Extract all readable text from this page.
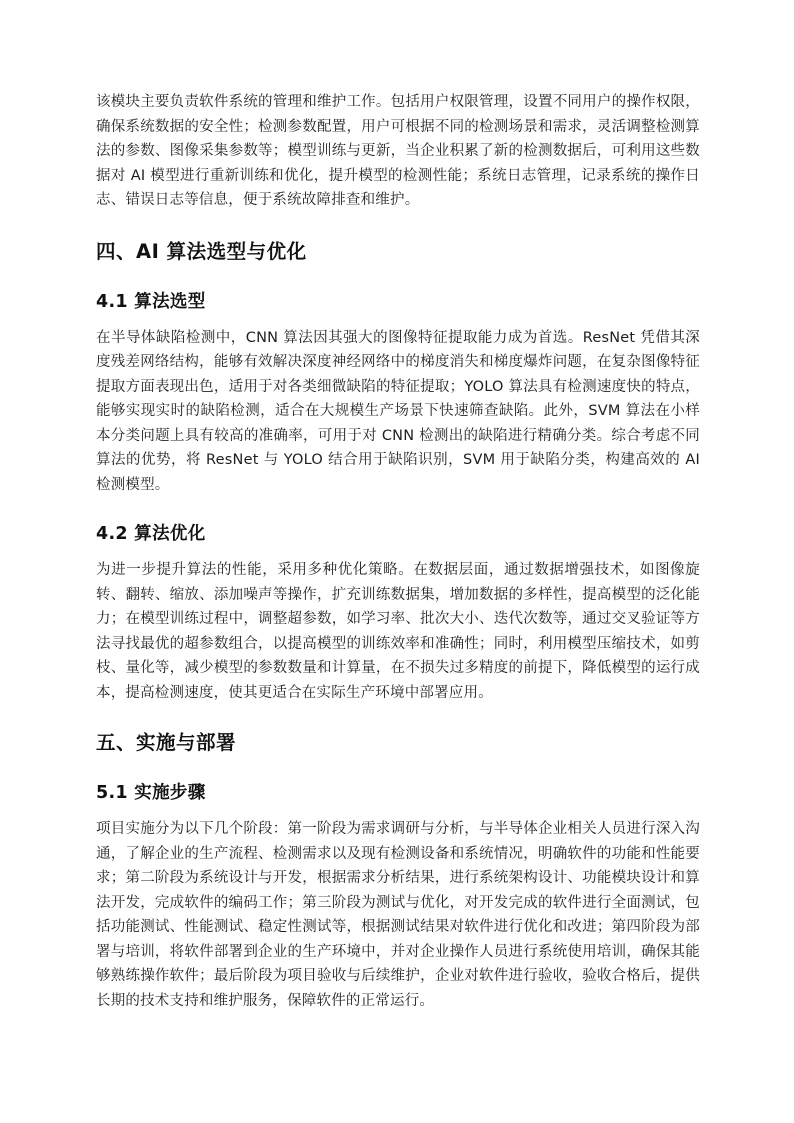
该模块主要负责软件系统的管理和维护工作。包括用户权限管理，设置不同用户的操作权限，确保系统数据的安全性；检测参数配置，用户可根据不同的检测场景和需求，灵活调整检测算法的参数、图像采集参数等；模型训练与更新，当企业积累了新的检测数据后，可利用这些数据对 AI 模型进行重新训练和优化，提升模型的检测性能；系统日志管理，记录系统的操作日志、错误日志等信息，便于系统故障排查和维护。

四、AI 算法选型与优化
4.1 算法选型

在半导体缺陷检测中，CNN 算法因其强大的图像特征提取能力成为首选。ResNet 凭借其深度残差网络结构，能够有效解决深度神经网络中的梯度消失和梯度爆炸问题，在复杂图像特征提取方面表现出色，适用于对各类细微缺陷的特征提取；YOLO 算法具有检测速度快的特点，能够实现实时的缺陷检测，适合在大规模生产场景下快速筛查缺陷。此外，SVM 算法在小样本分类问题上具有较高的准确率，可用于对 CNN 检测出的缺陷进行精确分类。综合考虑不同算法的优势，将 ResNet 与 YOLO 结合用于缺陷识别，SVM 用于缺陷分类，构建高效的 AI 检测模型。

4.2 算法优化

为进一步提升算法的性能，采用多种优化策略。在数据层面，通过数据增强技术，如图像旋转、翻转、缩放、添加噪声等操作，扩充训练数据集，增加数据的多样性，提高模型的泛化能力；在模型训练过程中，调整超参数，如学习率、批次大小、迭代次数等，通过交叉验证等方法寻找最优的超参数组合，以提高模型的训练效率和准确性；同时，利用模型压缩技术，如剪枝、量化等，减少模型的参数数量和计算量，在不损失过多精度的前提下，降低模型的运行成本，提高检测速度，使其更适合在实际生产环境中部署应用。

五、实施与部署
5.1 实施步骤

项目实施分为以下几个阶段：第一阶段为需求调研与分析，与半导体企业相关人员进行深入沟通，了解企业的生产流程、检测需求以及现有检测设备和系统情况，明确软件的功能和性能要求；第二阶段为系统设计与开发，根据需求分析结果，进行系统架构设计、功能模块设计和算法开发，完成软件的编码工作；第三阶段为测试与优化，对开发完成的软件进行全面测试，包括功能测试、性能测试、稳定性测试等，根据测试结果对软件进行优化和改进；第四阶段为部署与培训，将软件部署到企业的生产环境中，并对企业操作人员进行系统使用培训，确保其能够熟练操作软件；最后阶段为项目验收与后续维护，企业对软件进行验收，验收合格后，提供长期的技术支持和维护服务，保障软件的正常运行。
